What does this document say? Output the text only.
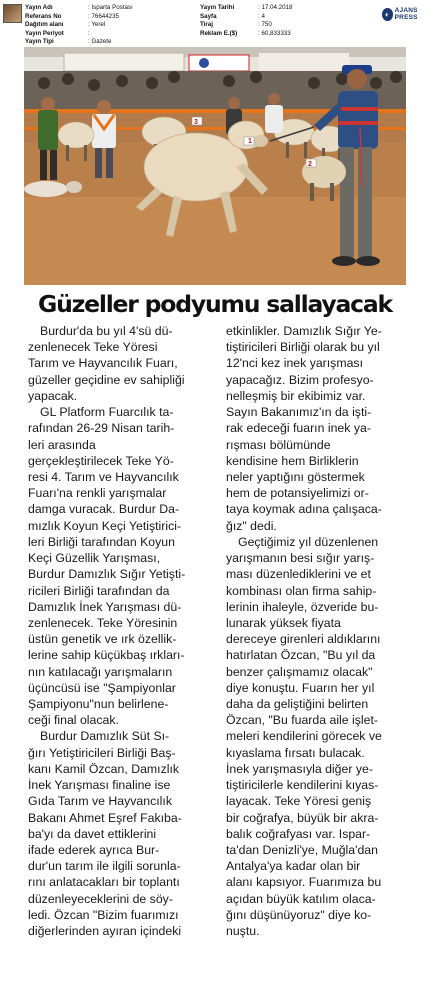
Yayın Adı	: Isparta Postası
Referans No	: 76644235
Dağıtım alanı	: Yerel
Yayın Periyot	:
Yayın Tipi	: Gazete
Yayın Tarihi	: 17.04.2018
Sayfa	: 4
Tiraj	: 750
Reklam E.($)	: 60,833333
◐ AJANS PRESS
1
2
3
Güzeller podyumu sallayacak
Burdur'da bu yıl 4'sü dü-
zenlenecek Teke Yöresi
Tarım ve Hayvancılık Fuarı,
güzeller geçidine ev sahipliği
yapacak.
GL Platform Fuarcılık ta-
rafından 26-29 Nisan tarih-
leri arasında
gerçekleştirilecek Teke Yö-
resi 4. Tarım ve Hayvancılık
Fuarı'na renkli yarışmalar
damga vuracak. Burdur Da-
mızlık Koyun Keçi Yetiştirici-
leri Birliği tarafından Koyun
Keçi Güzellik Yarışması,
Burdur Damızlık Sığır Yetişti-
ricileri Birliği tarafından da
Damızlık İnek Yarışması dü-
zenlenecek. Teke Yöresinin
üstün genetik ve ırk özellik-
lerine sahip küçükbaş ırkları-
nın katılacağı yarışmaların
üçüncüsü ise "Şampiyonlar
Şampiyonu"nun belirlene-
ceği final olacak.
Burdur Damızlık Süt Sı-
ğırı Yetiştiricileri Birliği Baş-
kanı Kamil Özcan, Damızlık
İnek Yarışması finaline ise
Gıda Tarım ve Hayvancılık
Bakanı Ahmet Eşref Fakıba-
ba'yı da davet ettiklerini
ifade ederek ayrıca Bur-
dur'un tarım ile ilgili sorunla-
rını anlatacakları bir toplantı
düzenleyeceklerini de söy-
ledi. Özcan "Bizim fuarımızı
diğerlerinden ayıran içindeki
etkinlikler. Damızlık Sığır Ye-
tiştiricileri Birliği olarak bu yıl
12'nci kez inek yarışması
yapacağız. Bizim profesyo-
nelleşmiş bir ekibimiz var.
Sayın Bakanımız'ın da işti-
rak edeceği fuarın inek ya-
rışması bölümünde
kendisine hem Birliklerin
neler yaptığını göstermek
hem de potansiyelimizi or-
taya koymak adına çalışaca-
ğız" dedi.
Geçtiğimiz yıl düzenlenen
yarışmanın besi sığır yarış-
ması düzenlediklerini ve et
kombinası olan firma sahip-
lerinin ihaleyle, özveride bu-
lunarak yüksek fiyata
dereceye girenleri aldıklarını
hatırlatan Özcan, "Bu yıl da
benzer çalışmamız olacak"
diye konuştu. Fuarın her yıl
daha da geliştiğini belirten
Özcan, "Bu fuarda aile işlet-
meleri kendilerini görecek ve
kıyaslama fırsatı bulacak.
İnek yarışmasıyla diğer ye-
tiştiricilerle kendilerini kıyas-
layacak. Teke Yöresi geniş
bir coğrafya, büyük bir akra-
balık coğrafyası var. Ispar-
ta'dan Denizli'ye, Muğla'dan
Antalya'ya kadar olan bir
alanı kapsıyor. Fuarımıza bu
açıdan büyük katılım olaca-
ğını düşünüyoruz" diye ko-
nuştu.
